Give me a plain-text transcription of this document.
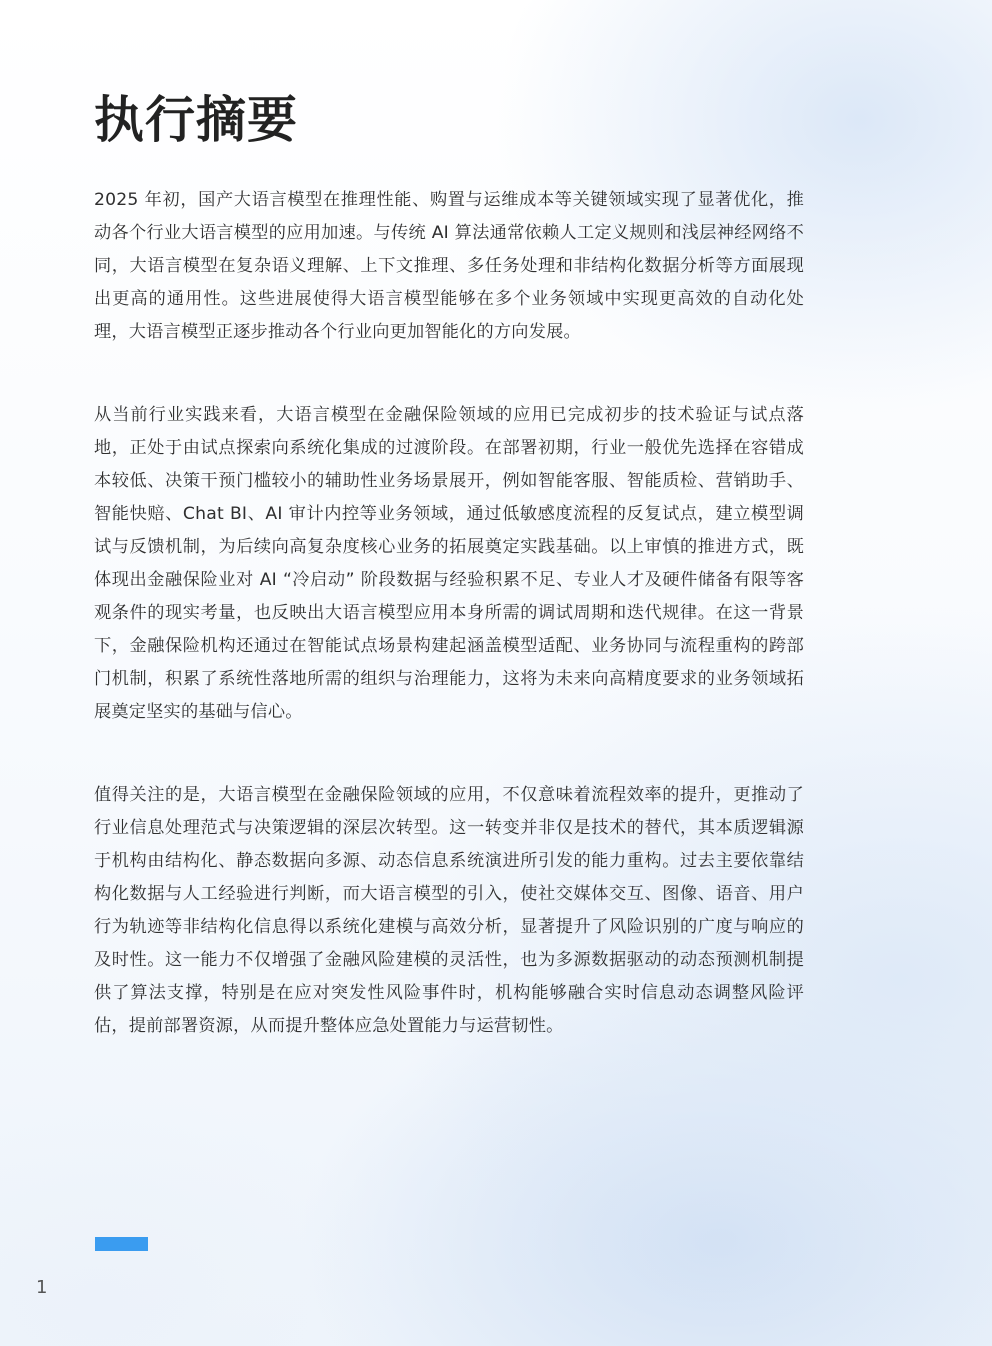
执行摘要

2025 年初，国产大语言模型在推理性能、购置与运维成本等关键领域实现了显著优化，推动各个行业大语言模型的应用加速。与传统 AI 算法通常依赖人工定义规则和浅层神经网络不同，大语言模型在复杂语义理解、上下文推理、多任务处理和非结构化数据分析等方面展现出更高的通用性。这些进展使得大语言模型能够在多个业务领域中实现更高效的自动化处理，大语言模型正逐步推动各个行业向更加智能化的方向发展。

从当前行业实践来看，大语言模型在金融保险领域的应用已完成初步的技术验证与试点落地，正处于由试点探索向系统化集成的过渡阶段。在部署初期，行业一般优先选择在容错成本较低、决策干预门槛较小的辅助性业务场景展开，例如智能客服、智能质检、营销助手、智能快赔、Chat BI、AI 审计内控等业务领域，通过低敏感度流程的反复试点，建立模型调试与反馈机制，为后续向高复杂度核心业务的拓展奠定实践基础。以上审慎的推进方式，既体现出金融保险业对 AI “冷启动” 阶段数据与经验积累不足、专业人才及硬件储备有限等客观条件的现实考量，也反映出大语言模型应用本身所需的调试周期和迭代规律。在这一背景下，金融保险机构还通过在智能试点场景构建起涵盖模型适配、业务协同与流程重构的跨部门机制，积累了系统性落地所需的组织与治理能力，这将为未来向高精度要求的业务领域拓展奠定坚实的基础与信心。

值得关注的是，大语言模型在金融保险领域的应用，不仅意味着流程效率的提升，更推动了行业信息处理范式与决策逻辑的深层次转型。这一转变并非仅是技术的替代，其本质逻辑源于机构由结构化、静态数据向多源、动态信息系统演进所引发的能力重构。过去主要依靠结构化数据与人工经验进行判断，而大语言模型的引入，使社交媒体交互、图像、语音、用户行为轨迹等非结构化信息得以系统化建模与高效分析，显著提升了风险识别的广度与响应的及时性。这一能力不仅增强了金融风险建模的灵活性，也为多源数据驱动的动态预测机制提供了算法支撑，特别是在应对突发性风险事件时，机构能够融合实时信息动态调整风险评估，提前部署资源，从而提升整体应急处置能力与运营韧性。

1
